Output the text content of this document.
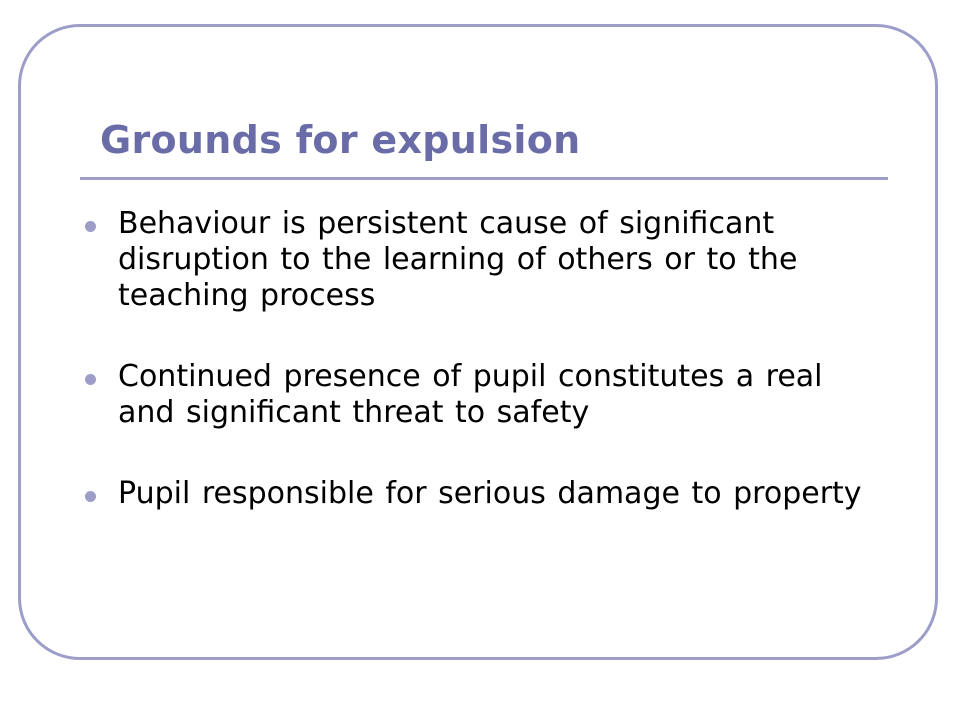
Grounds for expulsion
Behaviour is persistent cause of significant disruption to the learning of others or to the teaching process
Continued presence of pupil constitutes a real and significant threat to safety
Pupil responsible for serious damage to property
